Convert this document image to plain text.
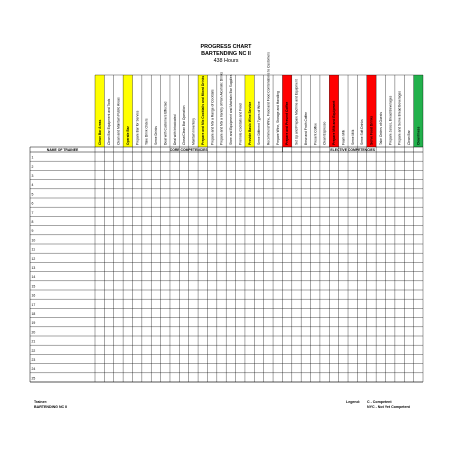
PROGRESS CHART
BARTENDING NC II
438 Hours
Clean Bar Areas Clean Bar Equipment and Tools Clean and Maintain Public Areas Operate Bar Prepare Bar for Service Take Drink Orders Serve Drinks Deal with Customers Effected Deal with Intoxicated Close/Clean Bar Operation Maintain Inventory Prepare and Mix Cocktails and Mixed Drinks Prepare and Mix a Range of Cocktails Prepare and Mix a Variety of Non-Alcoholic Drinks Store and Equipment and Maintain Bar Supplies Promote Cocktails and Food Provide Basic Wine Service Serve Different Types of Wine Recommend Wine, Food and Food Combinations to Customers Prepare Wine, Storage and Handling Prepare and Present Coffee Set Up and Prepare Machine and Equipment Brew and Froth Coffee Present Coffee Clean Espresso Prepare Milk and Equipment Foam Milk Serve Milk Serve Soft Drinks Serve Food Drinks Take Orders of Guests Prepare Juices, Bread Beverages Prepare and Serve Bread Beverages Clean Bar Cleanliness
NAME OF TRAINEE	CORE COMPETENCIES	ELECTIVE COMPETENCIES
1
2
3
4
5
6
7
8
9
10
11
12
13
14
15
16
17
18
19
20
21
22
23
24
25
Trainer:
BARTENDING NC II
Legend: C - Competent
NYC - Not Yet Competent
